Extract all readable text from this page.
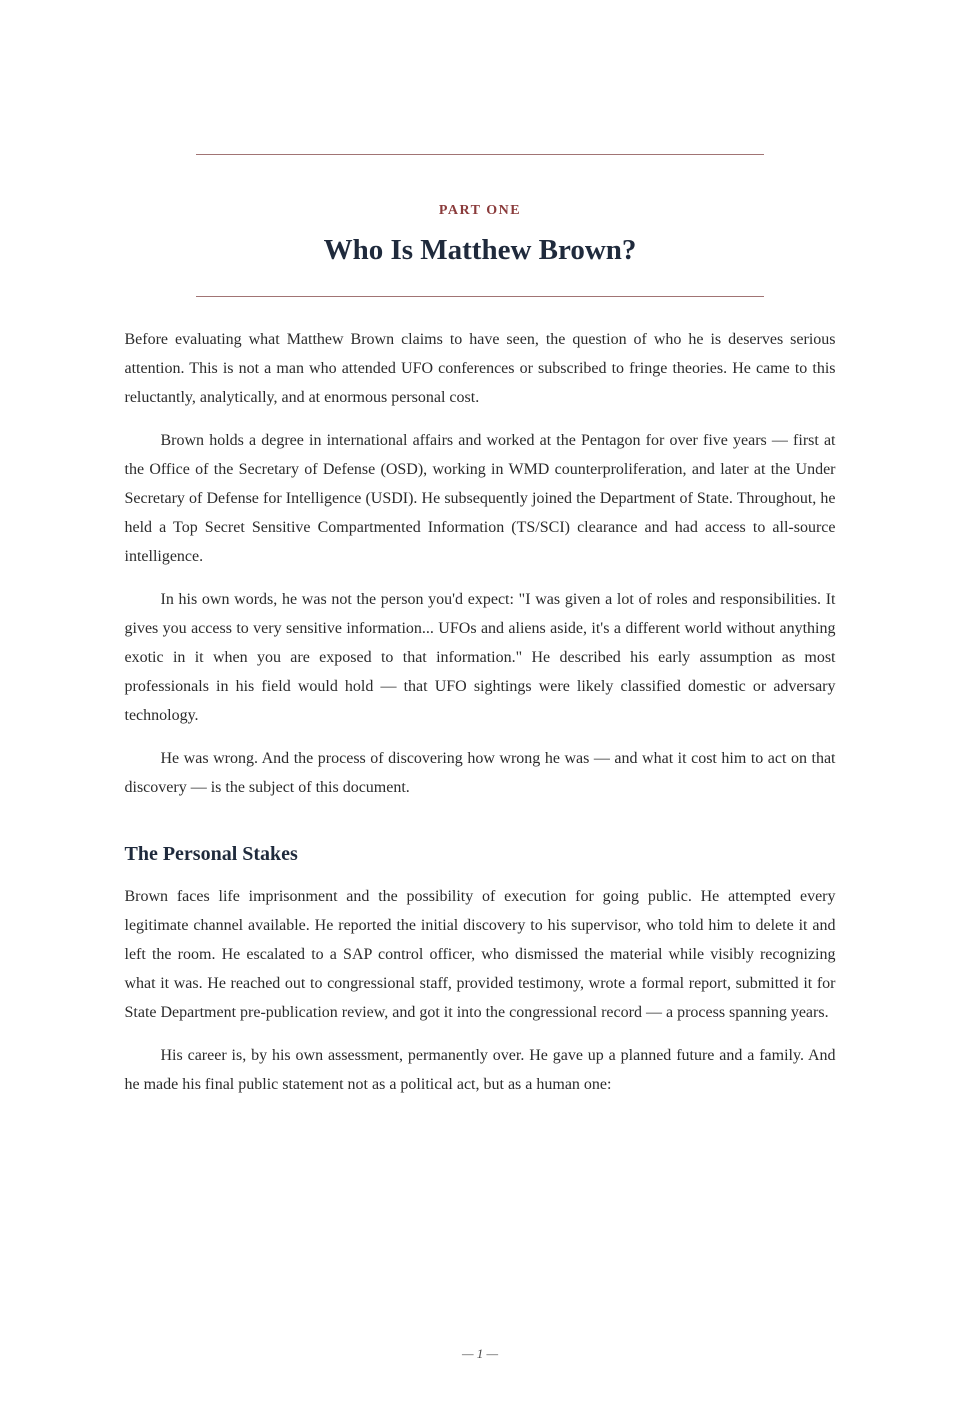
PART ONE
Who Is Matthew Brown?

Before evaluating what Matthew Brown claims to have seen, the question of who he is deserves serious attention. This is not a man who attended UFO conferences or subscribed to fringe theories. He came to this reluctantly, analytically, and at enormous personal cost.

Brown holds a degree in international affairs and worked at the Pentagon for over five years — first at the Office of the Secretary of Defense (OSD), working in WMD counterproliferation, and later at the Under Secretary of Defense for Intelligence (USDI). He subsequently joined the Department of State. Throughout, he held a Top Secret Sensitive Compartmented Information (TS/SCI) clearance and had access to all-source intelligence.

In his own words, he was not the person you'd expect: "I was given a lot of roles and responsibilities. It gives you access to very sensitive information... UFOs and aliens aside, it's a different world without anything exotic in it when you are exposed to that information." He described his early assumption as most professionals in his field would hold — that UFO sightings were likely classified domestic or adversary technology.

He was wrong. And the process of discovering how wrong he was — and what it cost him to act on that discovery — is the subject of this document.

The Personal Stakes

Brown faces life imprisonment and the possibility of execution for going public. He attempted every legitimate channel available. He reported the initial discovery to his supervisor, who told him to delete it and left the room. He escalated to a SAP control officer, who dismissed the material while visibly recognizing what it was. He reached out to congressional staff, provided testimony, wrote a formal report, submitted it for State Department pre-publication review, and got it into the congressional record — a process spanning years.

His career is, by his own assessment, permanently over. He gave up a planned future and a family. And he made his final public statement not as a political act, but as a human one:

— 1 —
